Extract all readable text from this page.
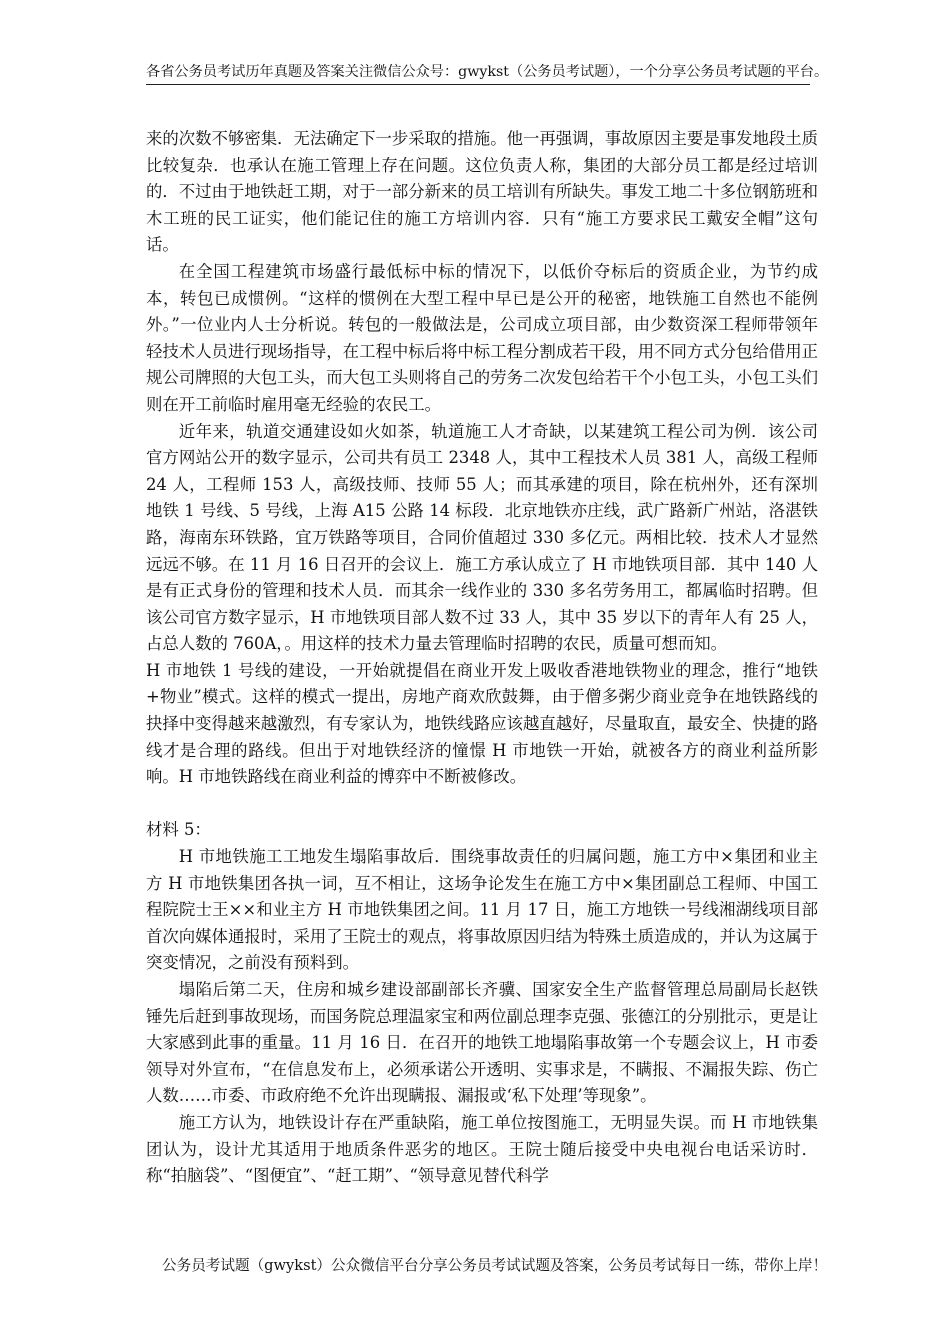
各省公务员考试历年真题及答案关注微信公众号：gwykst（公务员考试题），一个分享公务员考试题的平台。

来的次数不够密集．无法确定下一步采取的措施。他一再强调，事故原因主要是事发地段土质比较复杂．也承认在施工管理上存在问题。这位负责人称，集团的大部分员工都是经过培训的．不过由于地铁赶工期，对于一部分新来的员工培训有所缺失。事发工地二十多位钢筋班和木工班的民工证实，他们能记住的施工方培训内容．只有“施工方要求民工戴安全帽”这句话。

在全国工程建筑市场盛行最低标中标的情况下，以低价夺标后的资质企业，为节约成本，转包已成惯例。“这样的惯例在大型工程中早已是公开的秘密，地铁施工自然也不能例外。”一位业内人士分析说。转包的一般做法是，公司成立项目部，由少数资深工程师带领年轻技术人员进行现场指导，在工程中标后将中标工程分割成若干段，用不同方式分包给借用正规公司牌照的大包工头，而大包工头则将自己的劳务二次发包给若干个小包工头，小包工头们则在开工前临时雇用毫无经验的农民工。

近年来，轨道交通建设如火如茶，轨道施工人才奇缺，以某建筑工程公司为例．该公司官方网站公开的数字显示，公司共有员工 2348 人，其中工程技术人员 381 人，高级工程师 24 人，工程师 153 人，高级技师、技师 55 人；而其承建的项目，除在杭州外，还有深圳地铁 1 号线、5 号线，上海 A15 公路 14 标段．北京地铁亦庄线，武广路新广州站，洛湛铁路，海南东环铁路，宜万铁路等项目，合同价值超过 330 多亿元。两相比较．技术人才显然远远不够。在 11 月 16 日召开的会议上．施工方承认成立了 H 市地铁项目部．其中 140 人是有正式身份的管理和技术人员．而其余一线作业的 330 多名劳务用工，都属临时招聘。但该公司官方数字显示，H 市地铁项目部人数不过 33 人，其中 35 岁以下的青年人有 25 人，占总人数的 760A，。用这样的技术力量去管理临时招聘的农民，质量可想而知。

H 市地铁 1 号线的建设，一开始就提倡在商业开发上吸收香港地铁物业的理念，推行“地铁+物业”模式。这样的模式一提出，房地产商欢欣鼓舞，由于僧多粥少商业竞争在地铁路线的抉择中变得越来越激烈，有专家认为，地铁线路应该越直越好，尽量取直，最安全、快捷的路线才是合理的路线。但出于对地铁经济的憧憬 H 市地铁一开始，就被各方的商业利益所影响。H 市地铁路线在商业利益的博弈中不断被修改。

材料 5：

H 市地铁施工工地发生塌陷事故后．围绕事故责任的归属问题，施工方中×集团和业主方 H 市地铁集团各执一词，互不相让，这场争论发生在施工方中×集团副总工程师、中国工程院院士王××和业主方 H 市地铁集团之间。11 月 17 日，施工方地铁一号线湘湖线项目部首次向媒体通报时，采用了王院士的观点，将事故原因归结为特殊土质造成的，并认为这属于突变情况，之前没有预料到。

塌陷后第二天，住房和城乡建设部副部长齐骥、国家安全生产监督管理总局副局长赵铁锤先后赶到事故现场，而国务院总理温家宝和两位副总理李克强、张德江的分别批示，更是让大家感到此事的重量。11 月 16 日．在召开的地铁工地塌陷事故第一个专题会议上，H 市委领导对外宣布，“在信息发布上，必须承诺公开透明、实事求是，不瞒报、不漏报失踪、伤亡人数……市委、市政府绝不允许出现瞒报、漏报或‘私下处理’等现象”。

施工方认为，地铁设计存在严重缺陷，施工单位按图施工，无明显失误。而 H 市地铁集团认为，设计尤其适用于地质条件恶劣的地区。王院士随后接受中央电视台电话采访时．称“拍脑袋”、“图便宜”、“赶工期”、“领导意见替代科学

公务员考试题（gwykst）公众微信平台分享公务员考试试题及答案，公务员考试每日一练，带你上岸！
